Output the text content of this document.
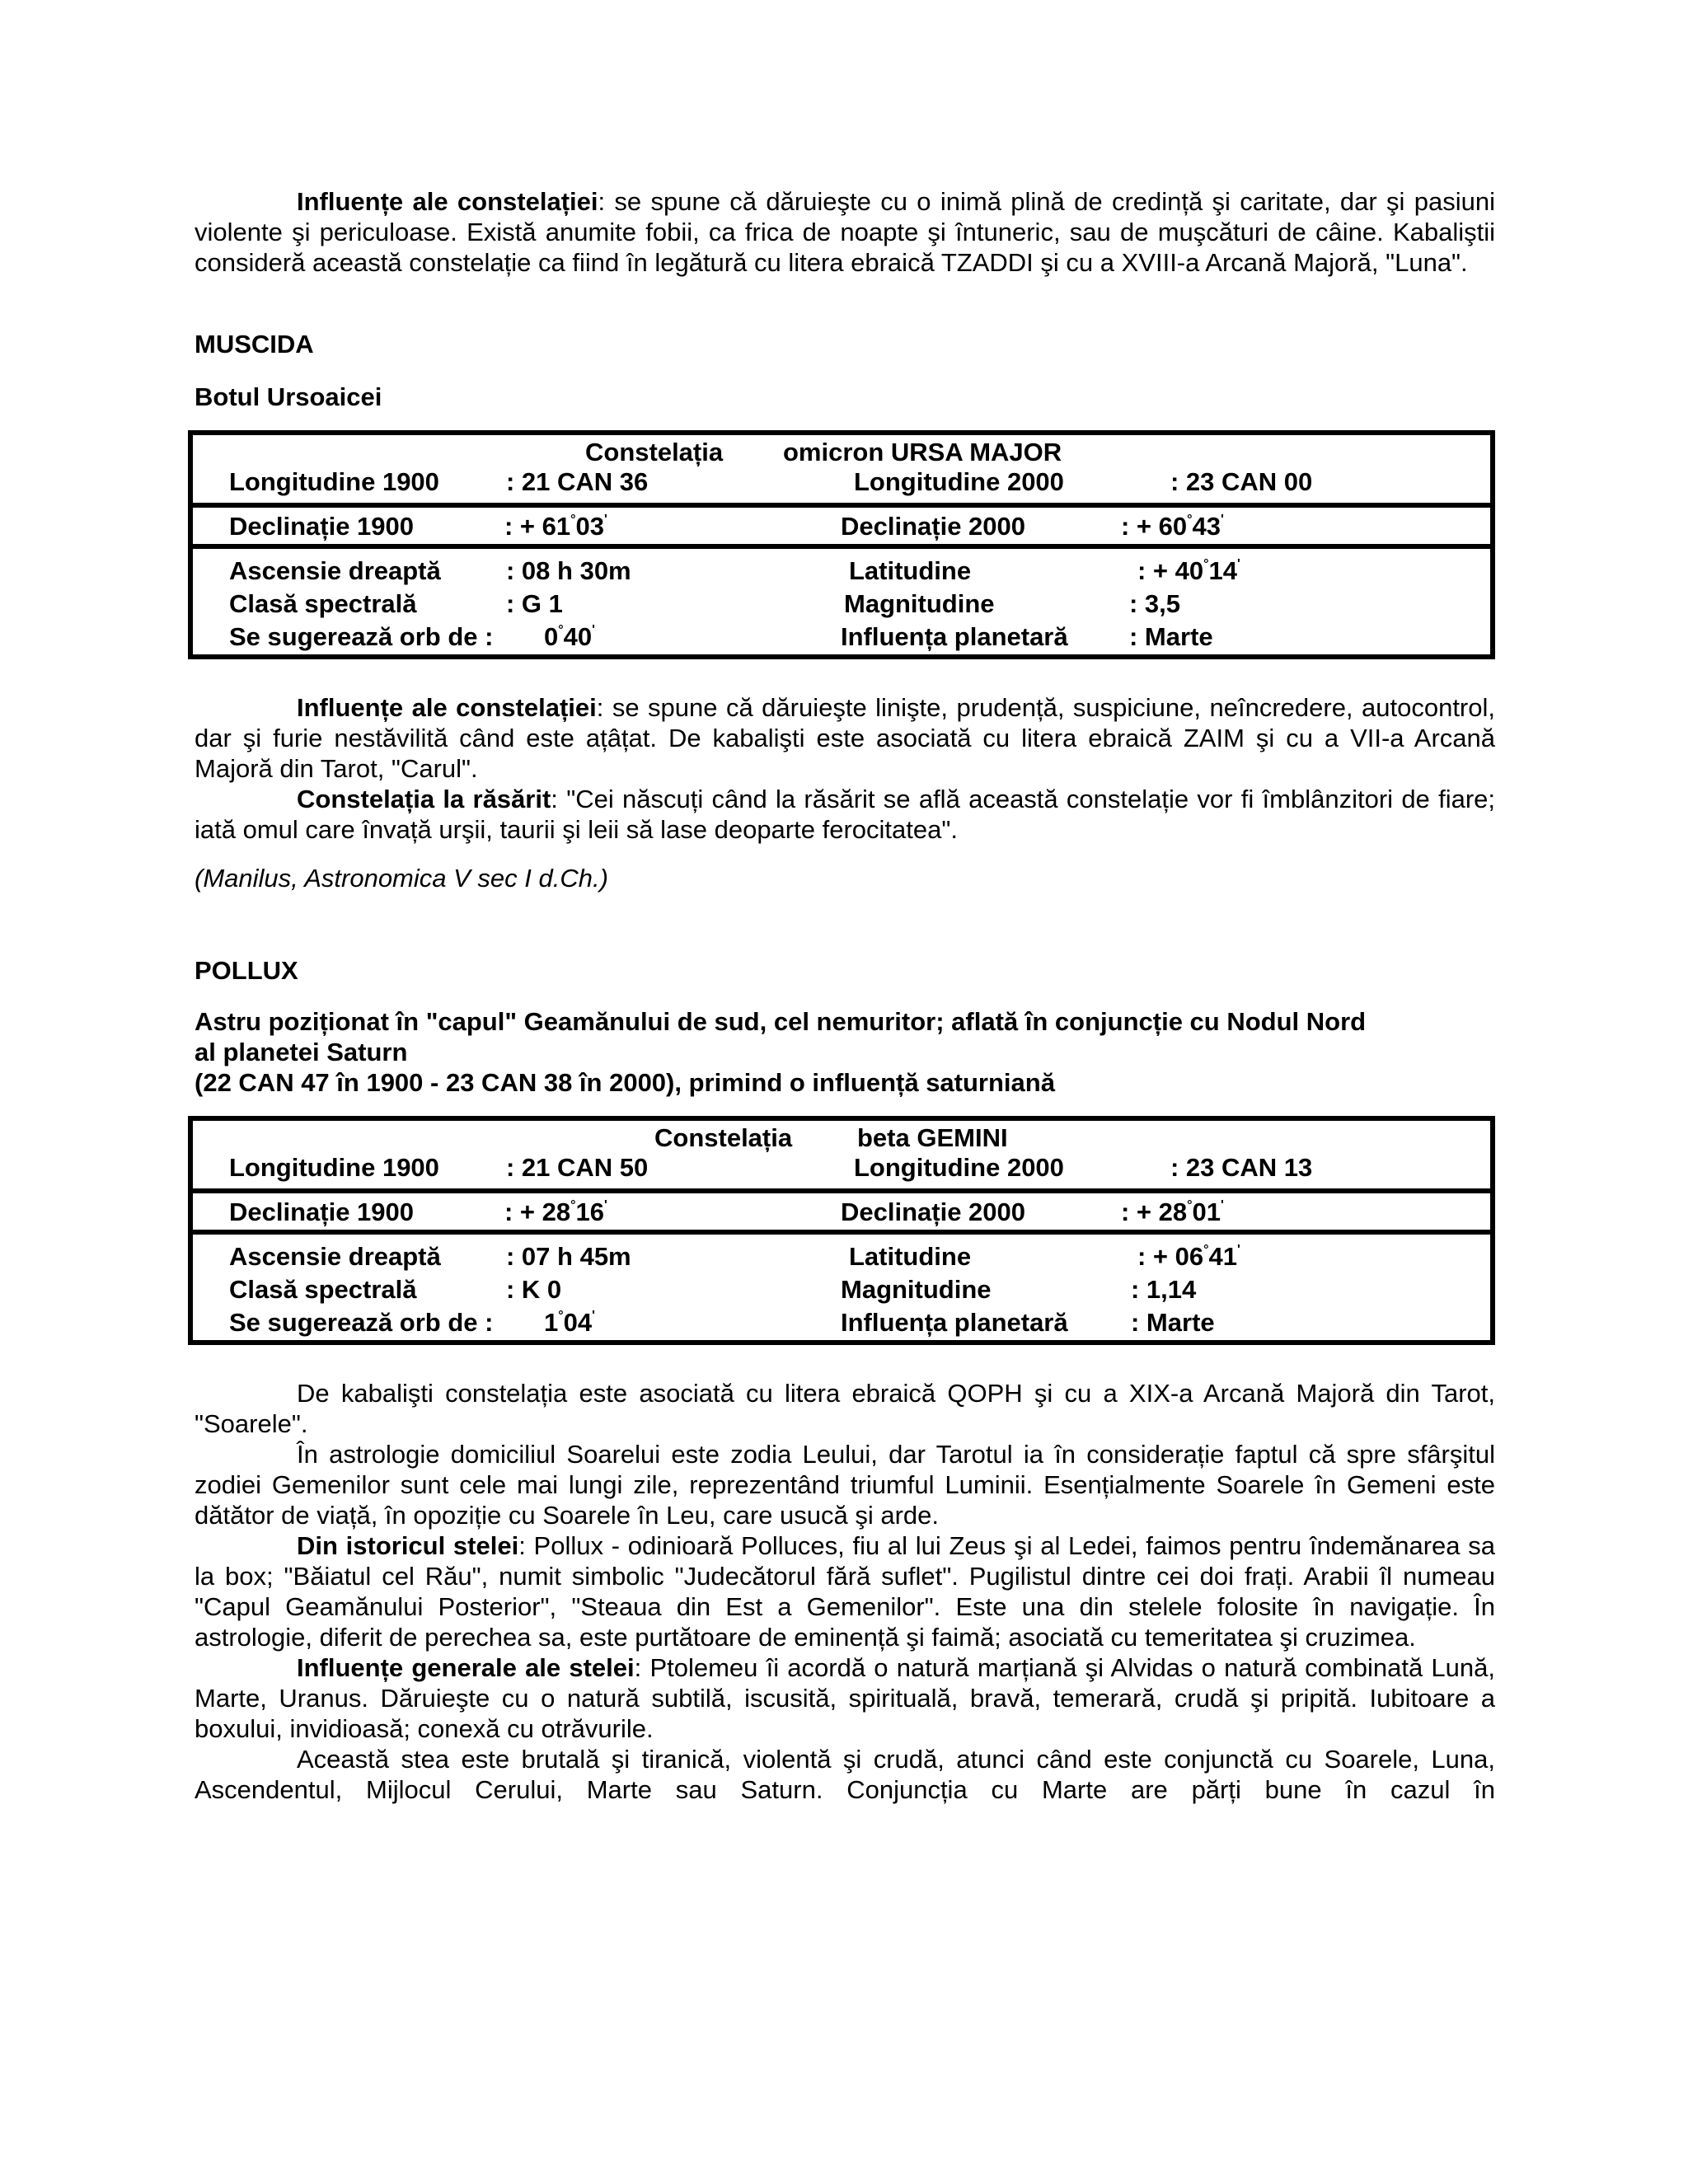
Influențe ale constelației: se spune că dăruieşte cu o inimă plină de credință şi caritate, dar şi pasiuni violente şi periculoase. Există anumite fobii, ca frica de noapte şi întuneric, sau de muşcături de câine. Kabaliştii consideră această constelație ca fiind în legătură cu litera ebraică TZADDI şi cu a XVIII-a Arcană Majoră, "Luna".

MUSCIDA

Botul Ursoaicei

Constelația omicron URSA MAJOR
Longitudine 1900	: 21 CAN 36	Longitudine 2000	: 23 CAN 00
Declinație 1900	: + 61°03'	Declinație 2000	: + 60°43'
Ascensie dreaptă	: 08 h 30m	Latitudine	: + 40°14'
Clasă spectrală	: G 1	Magnitudine	: 3,5
Se sugerează orb de : 0°40'	Influența planetară : Marte

Influențe ale constelației: se spune că dăruieşte linişte, prudență, suspiciune, neîncredere, autocontrol, dar şi furie nestăvilită când este ațâțat. De kabalişti este asociată cu litera ebraică ZAIM şi cu a VII-a Arcană Majoră din Tarot, "Carul".

Constelația la răsărit: "Cei născuți când la răsărit se află această constelație vor fi îmblânzitori de fiare; iată omul care învață urşii, taurii şi leii să lase deoparte ferocitatea".

(Manilus, Astronomica V sec I d.Ch.)

POLLUX

Astru poziționat în "capul" Geamănului de sud, cel nemuritor; aflată în conjuncție cu Nodul Nord

al planetei Saturn

(22 CAN 47 în 1900 - 23 CAN 38 în 2000), primind o influență saturniană

Constelația	beta GEMINI
Longitudine 1900	: 21 CAN 50	Longitudine 2000	: 23 CAN 13
Declinație 1900	: + 28°16'	Declinație 2000	: + 28°01'
Ascensie dreaptă	: 07 h 45m	Latitudine	: + 06°41'
Clasă spectrală	: K 0	Magnitudine	: 1,14
Se sugerează orb de : 1°04'	Influența planetară : Marte

De kabalişti constelația este asociată cu litera ebraică QOPH şi cu a XIX-a Arcană Majoră din Tarot, "Soarele".

În astrologie domiciliul Soarelui este zodia Leului, dar Tarotul ia în considerație faptul că spre sfârşitul zodiei Gemenilor sunt cele mai lungi zile, reprezentând triumful Luminii. Esențialmente Soarele în Gemeni este dătător de viață, în opoziție cu Soarele în Leu, care usucă şi arde.

Din istoricul stelei: Pollux - odinioară Polluces, fiu al lui Zeus şi al Ledei, faimos pentru îndemănarea sa la box; "Băiatul cel Rău", numit simbolic "Judecătorul fără suflet". Pugilistul dintre cei doi frați. Arabii îl numeau "Capul Geamănului Posterior", "Steaua din Est a Gemenilor". Este una din stelele folosite în navigație. În astrologie, diferit de perechea sa, este purtătoare de eminență şi faimă; asociată cu temeritatea şi cruzimea.

Influențe generale ale stelei: Ptolemeu îi acordă o natură marțiană şi Alvidas o natură combinată Lună, Marte, Uranus. Dăruieşte cu o natură subtilă, iscusită, spirituală, bravă, temerară, crudă şi pripită. Iubitoare a boxului, invidioasă; conexă cu otrăvurile.

Această stea este brutală şi tiranică, violentă şi crudă, atunci când este conjunctă cu Soarele, Luna, Ascendentul, Mijlocul Cerului, Marte sau Saturn. Conjuncția cu Marte are părți bune în cazul în
